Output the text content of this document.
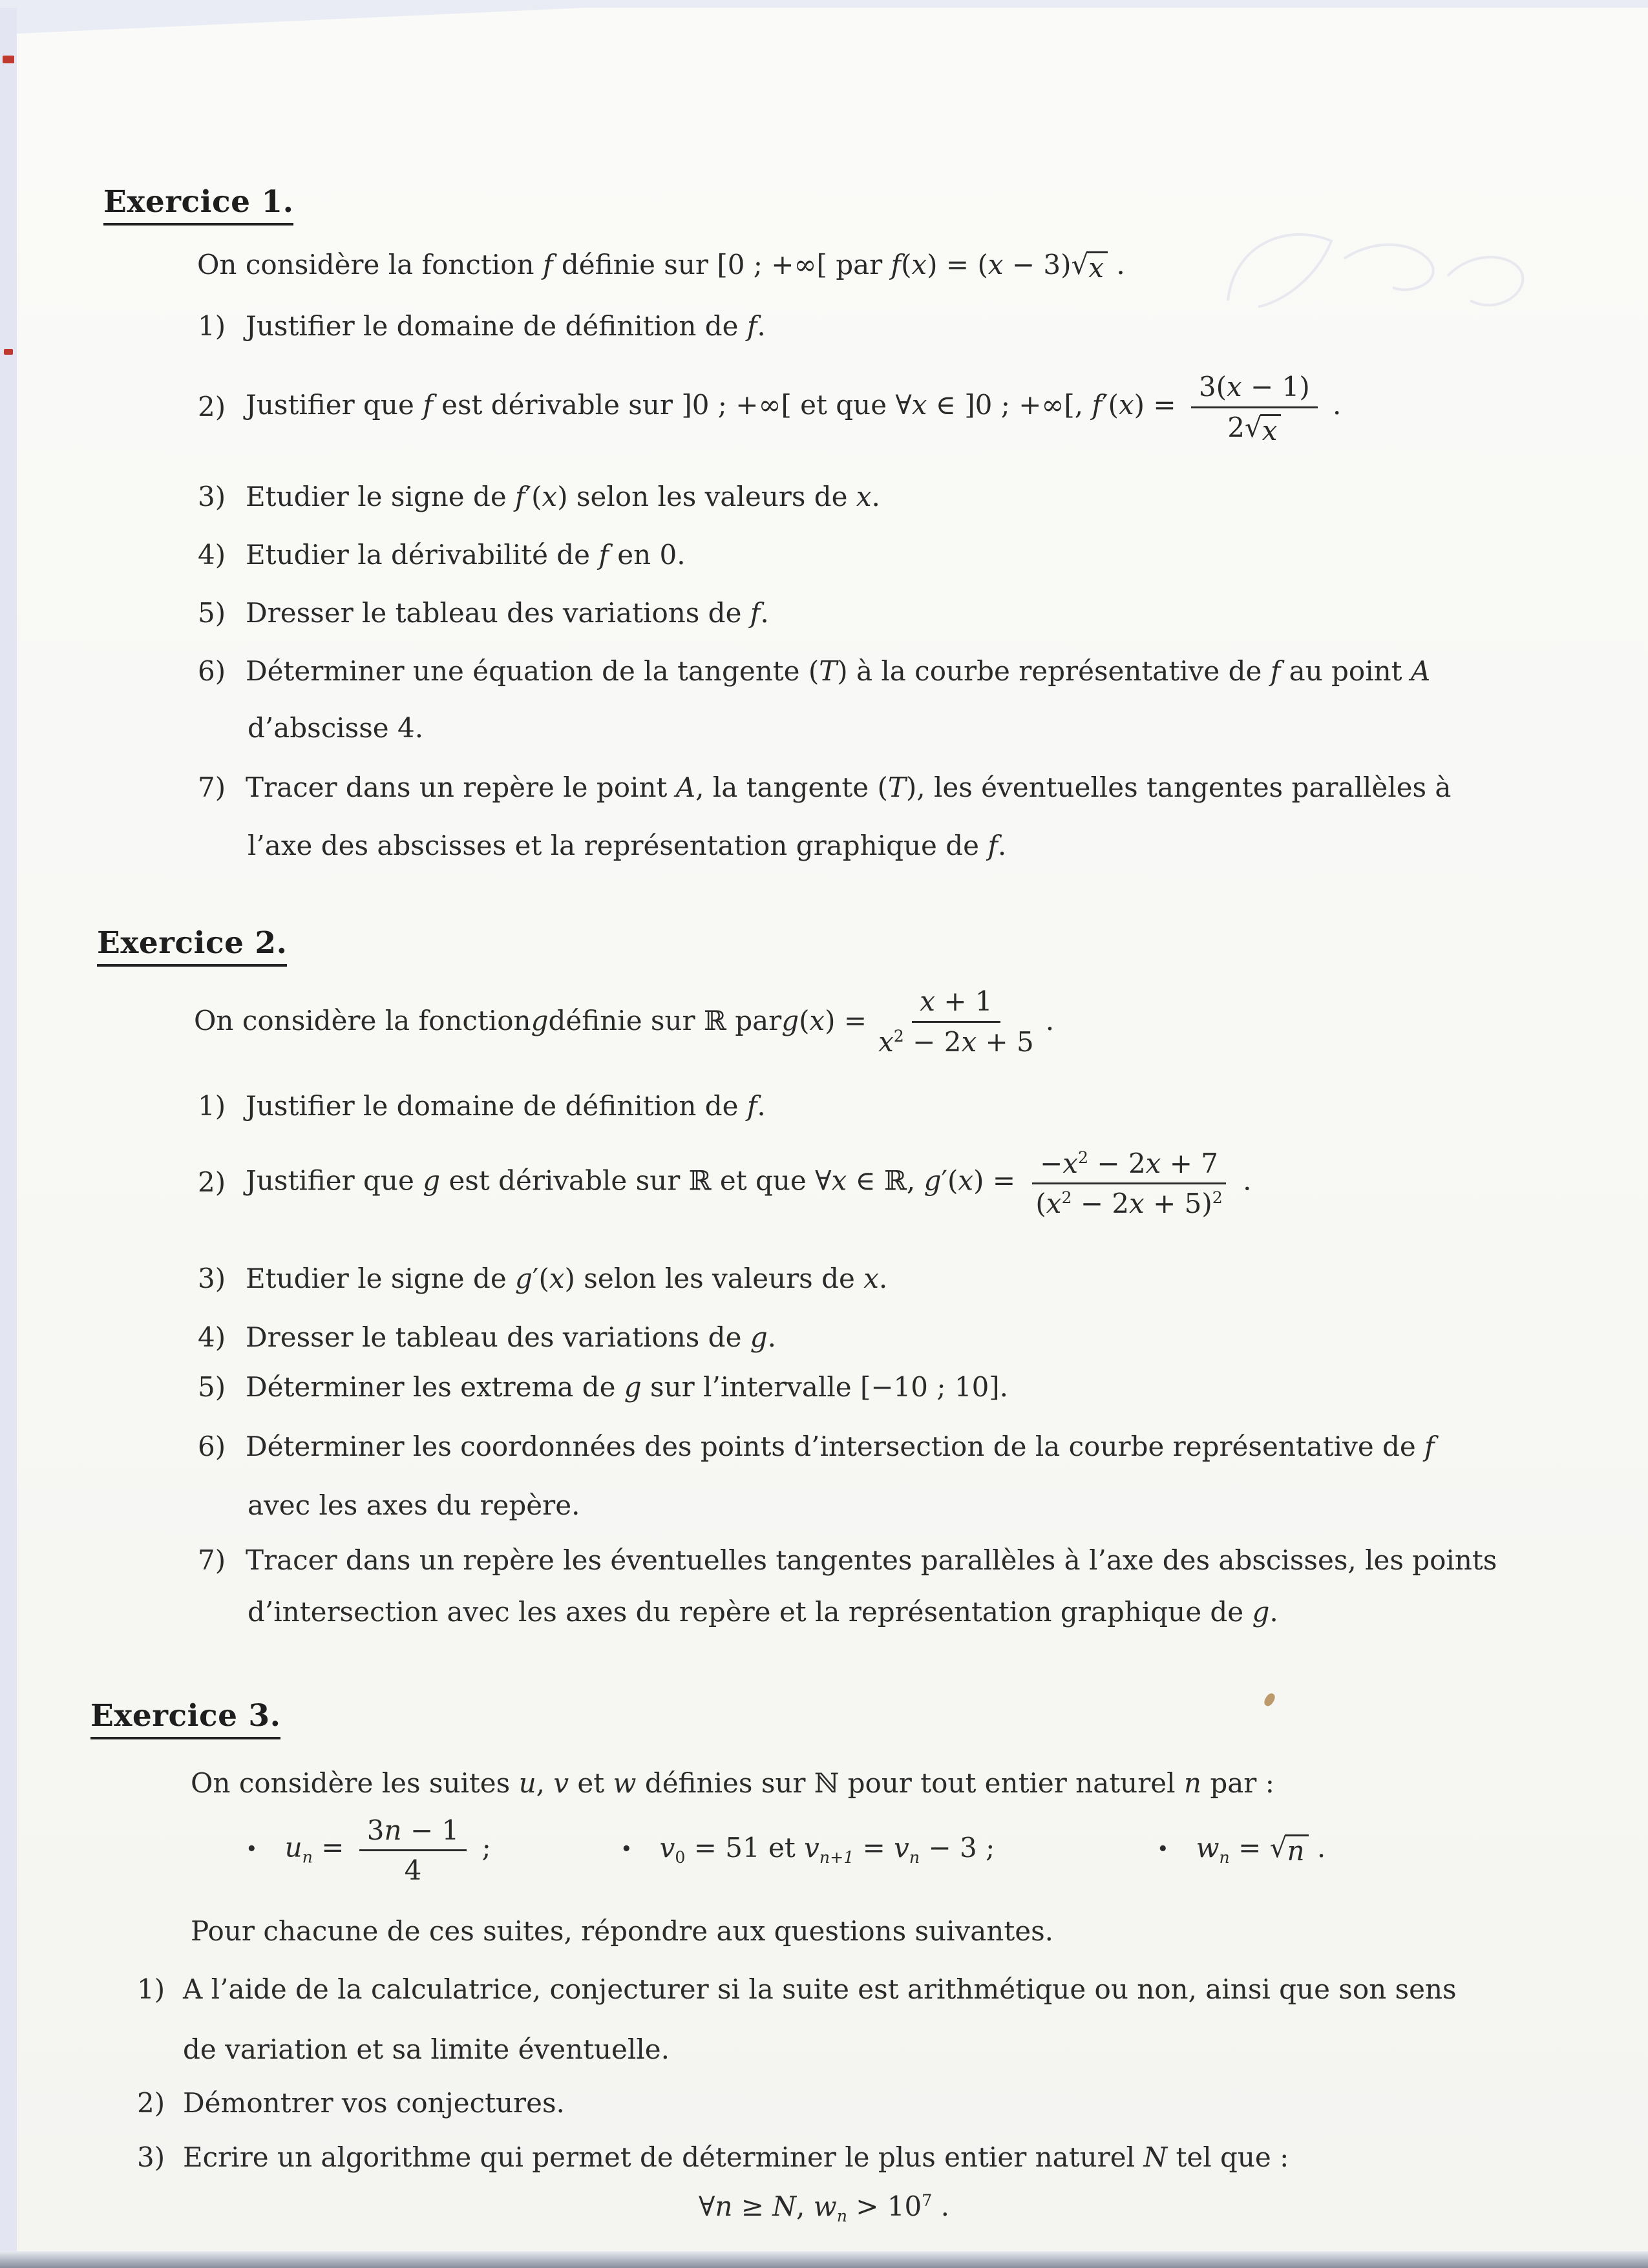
Exercice 1.
On considère la fonction f définie sur [0 ; +∞[ par f(x) = (x − 3) √ x .
1) Justifier le domaine de définition de f.
2) Justifier que f est dérivable sur ]0 ; +∞[ et que ∀x ∈ ]0 ; +∞[, $f'(x) = \frac{3(x - 1)}{2 √ x}$ .
3) Etudier le signe de f′(x) selon les valeurs de x.
4) Etudier la dérivabilité de f en 0.
5) Dresser le tableau des variations de f.
6) Déterminer une équation de la tangente (T) à la courbe représentative de f au point A
d’abscisse 4.
7) Tracer dans un repère le point A, la tangente (T), les éventuelles tangentes parallèles à
l’axe des abscisses et la représentation graphique de f.
Exercice 2.
On considère la fonction g définie sur ℝ par g ( x ) = $\frac{x + 1}{x^2 - 2x + 5}$ .
1) Justifier le domaine de définition de f.
2) Justifier que g est dérivable sur ℝ et que ∀x ∈ ℝ, $g'(x) = \frac{-x^2 - 2x + 7}{(x^2 - 2x + 5)^2}$ .
3) Etudier le signe de g′(x) selon les valeurs de x.
4) Dresser le tableau des variations de g.
5) Déterminer les extrema de g sur l’intervalle [−10 ; 10].
6) Déterminer les coordonnées des points d’intersection de la courbe représentative de f
avec les axes du repère.
7) Tracer dans un repère les éventuelles tangentes parallèles à l’axe des abscisses, les points
d’intersection avec les axes du repère et la représentation graphique de g.
Exercice 3.
On considère les suites u, v et w définies sur ℕ pour tout entier naturel n par :
• $u_n = \frac{3n - 1}{4}$ ;	• $v_0 = 51$ et $v_{n+1} = v_n - 3$ ;	• $w_n$ = √ n .
Pour chacune de ces suites, répondre aux questions suivantes.
1) A l’aide de la calculatrice, conjecturer si la suite est arithmétique ou non, ainsi que son sens
de variation et sa limite éventuelle.
2) Démontrer vos conjectures.
3) Ecrire un algorithme qui permet de déterminer le plus entier naturel N tel que :
∀n ≥ N, $w_n > 10^7$ .
